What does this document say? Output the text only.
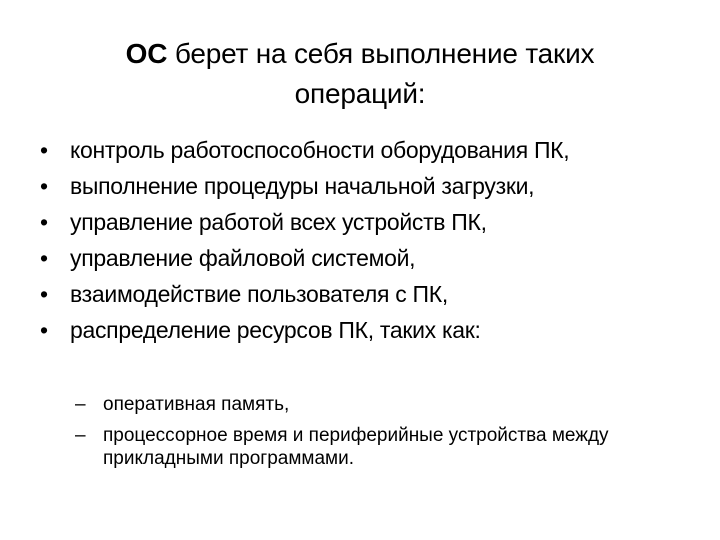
ОС берет на себя выполнение таких операций:
• контроль работоспособности оборудования ПК,
• выполнение процедуры начальной загрузки,
• управление работой всех устройств ПК,
• управление файловой системой,
• взаимодействие пользователя с ПК,
• распределение ресурсов ПК, таких как:
– оперативная память,
– процессорное время и периферийные устройства между прикладными программами.
